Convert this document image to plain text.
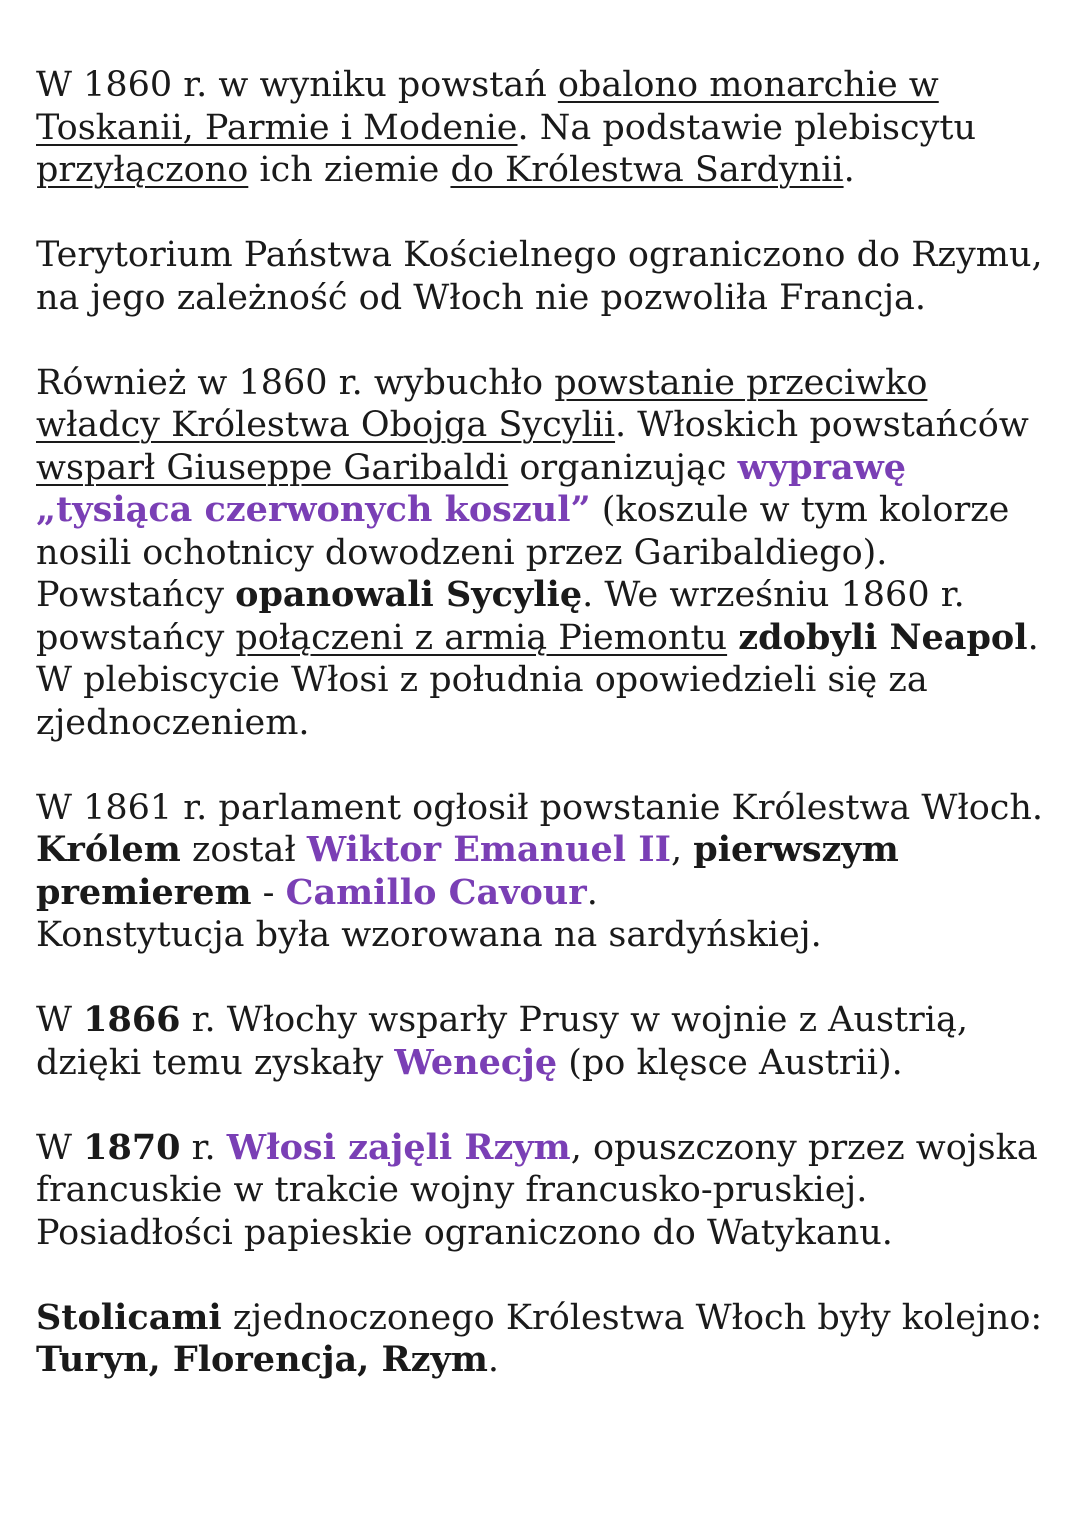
W 1860 r. w wyniku powstań obalono monarchie w
Toskanii, Parmie i Modenie. Na podstawie plebiscytu
przyłączono ich ziemie do Królestwa Sardynii.

Terytorium Państwa Kościelnego ograniczono do Rzymu,
na jego zależność od Włoch nie pozwoliła Francja.

Również w 1860 r. wybuchło powstanie przeciwko
władcy Królestwa Obojga Sycylii. Włoskich powstańców
wsparł Giuseppe Garibaldi organizując wyprawę
„tysiąca czerwonych koszul” (koszule w tym kolorze
nosili ochotnicy dowodzeni przez Garibaldiego).
Powstańcy opanowali Sycylię. We wrześniu 1860 r.
powstańcy połączeni z armią Piemontu zdobyli Neapol.
W plebiscycie Włosi z południa opowiedzieli się za
zjednoczeniem.

W 1861 r. parlament ogłosił powstanie Królestwa Włoch.
Królem został Wiktor Emanuel II, pierwszym
premierem - Camillo Cavour.
Konstytucja była wzorowana na sardyńskiej.

W 1866 r. Włochy wsparły Prusy w wojnie z Austrią,
dzięki temu zyskały Wenecję (po klęsce Austrii).

W 1870 r. Włosi zajęli Rzym, opuszczony przez wojska
francuskie w trakcie wojny francusko-pruskiej.
Posiadłości papieskie ograniczono do Watykanu.

Stolicami zjednoczonego Królestwa Włoch były kolejno:
Turyn, Florencja, Rzym.
